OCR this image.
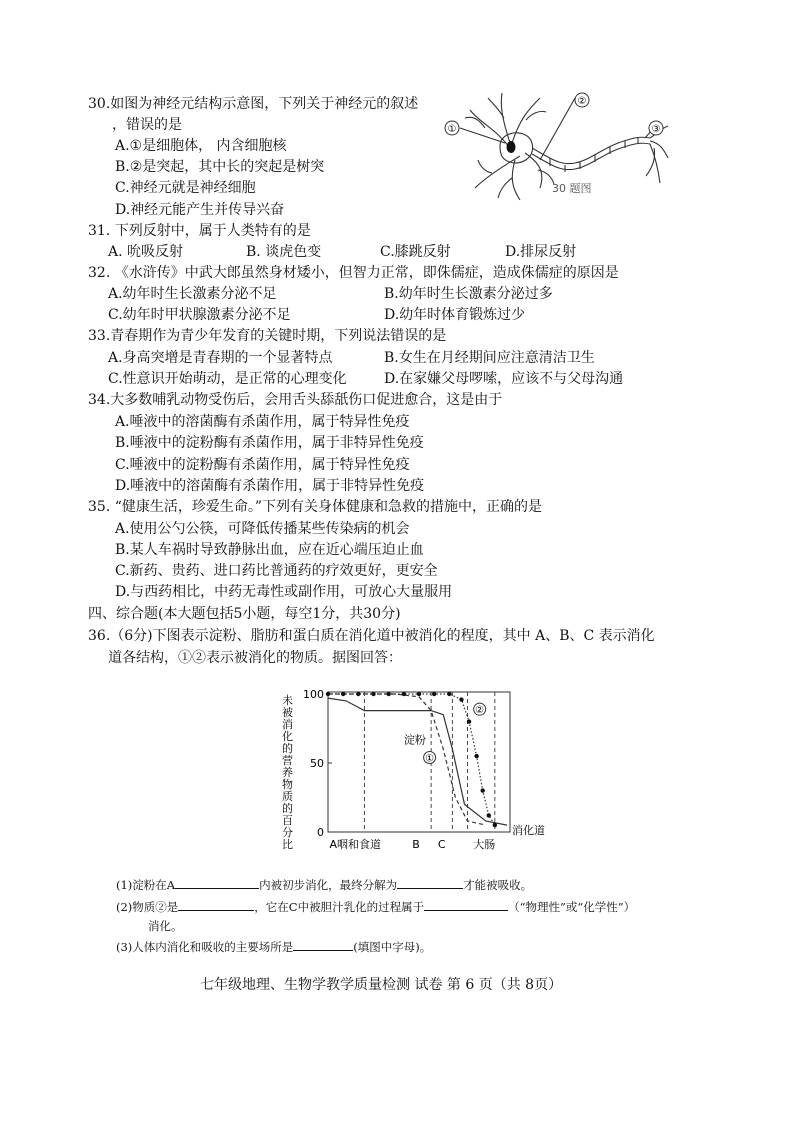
30.如图为神经元结构示意图，下列关于神经元的叙述
，错误的是
A.①是细胞体， 内含细胞核
B.②是突起，其中长的突起是树突
C.神经元就是神经细胞
D.神经元能产生并传导兴奋
①
②
③
30 题图
31. 下列反射中，属于人类特有的是
A. 吮吸反射	B. 谈虎色变	C.膝跳反射	D.排尿反射
32. 《水浒传》中武大郎虽然身材矮小，但智力正常，即侏儒症，造成侏儒症的原因是
A.幼年时生长激素分泌不足	B.幼年时生长激素分泌过多
C.幼年时甲状腺激素分泌不足	D.幼年时体育锻炼过少
33.青春期作为青少年发育的关键时期，下列说法错误的是
A.身高突增是青春期的一个显著特点	B.女生在月经期间应注意清洁卫生
C.性意识开始萌动，是正常的心理变化	D.在家嫌父母啰嗦，应该不与父母沟通
34.大多数哺乳动物受伤后，会用舌头舔舐伤口促进愈合，这是由于
A.唾液中的溶菌酶有杀菌作用，属于特异性免疫
B.唾液中的淀粉酶有杀菌作用，属于非特异性免疫
C.唾液中的淀粉酶有杀菌作用，属于特异性免疫
D.唾液中的溶菌酶有杀菌作用，属于非特异性免疫
35. “健康生活，珍爱生命。”下列有关身体健康和急救的措施中，正确的是
A.使用公勺公筷，可降低传播某些传染病的机会
B.某人车祸时导致静脉出血，应在近心端压迫止血
C.新药、贵药、进口药比普通药的疗效更好，更安全
D.与西药相比，中药无毒性或副作用，可放心大量服用
四、综合题(本大题包括5小题，每空1分，共30分)
36.（6分)下图表示淀粉、脂肪和蛋白质在消化道中被消化的程度，其中 A、B、C 表示消化
道各结构，①②表示被消化的物质。据图回答：
未
被
消
化
的
营
养
物
质
的
百
分
比
100
50
0
淀粉
①
②
A咽和食道	B C	大肠
消化道
(1)淀粉在A	内被初步消化，最终分解为	才能被吸收。
(2)物质②是	，它在C中被胆汁乳化的过程属于	（“物理性”或“化学性”）
消化。
(3)人体内消化和吸收的主要场所是	(填图中字母)。
七年级地理、生物学教学质量检测 试卷 第 6 页（共 8页）
